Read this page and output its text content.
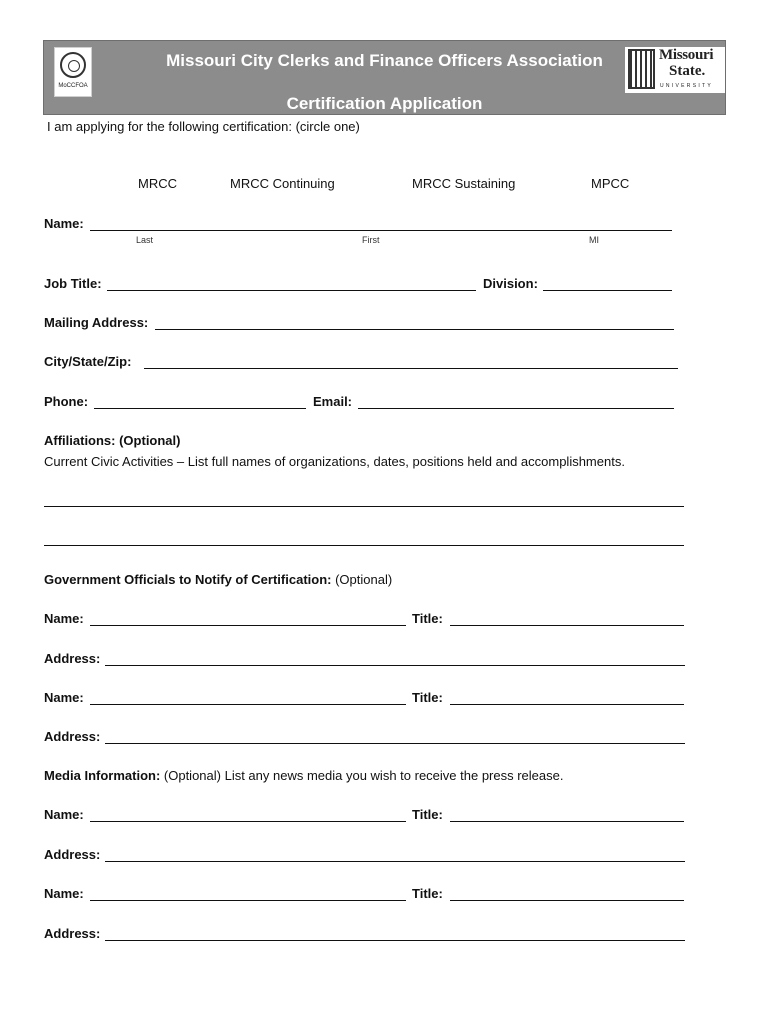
MoCCFOA
Missouri City Clerks and Finance Officers Association
Certification Application
Missouri
State.
UNIVERSITY
I am applying for the following certification: (circle one)
MRCC	MRCC Continuing	MRCC Sustaining	MPCC
Name:
Last	First	MI
Job Title:	Division:
Mailing Address:
City/State/Zip:
Phone:	Email:
Affiliations: (Optional)
Current Civic Activities – List full names of organizations, dates, positions held and accomplishments.
Government Officials to Notify of Certification: (Optional)
Name:	Title:
Address:
Name:	Title:
Address:
Media Information: (Optional) List any news media you wish to receive the press release.
Name:	Title:
Address:
Name:	Title:
Address:
